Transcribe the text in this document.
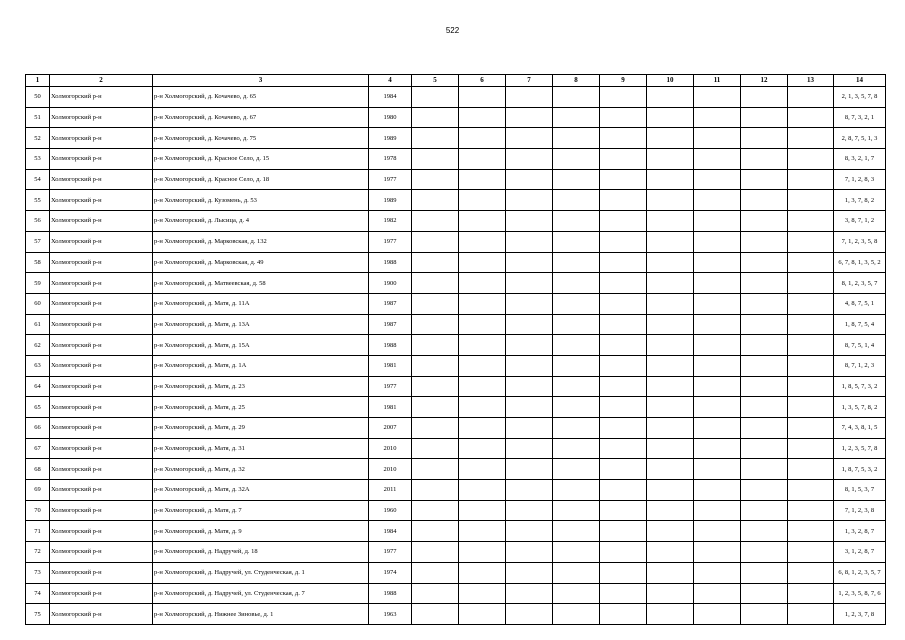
522
1	2	3	4	5	6	7	8	9	10	11	12	13	14
50	Холмогорский р-н	р-н Холмогорский, д. Кочачево, д. 65	1984										2, 1, 3, 5, 7, 8
51	Холмогорский р-н	р-н Холмогорский, д. Кочачево, д. 67	1980										8, 7, 3, 2, 1
52	Холмогорский р-н	р-н Холмогорский, д. Кочачево, д. 75	1989										2, 8, 7, 5, 1, 3
53	Холмогорский р-н	р-н Холмогорский, д. Красное Село, д. 15	1978										8, 3, 2, 1, 7
54	Холмогорский р-н	р-н Холмогорский, д. Красное Село, д. 18	1977										7, 1, 2, 8, 3
55	Холмогорский р-н	р-н Холмогорский, д. Кузомень, д. 53	1989										1, 3, 7, 8, 2
56	Холмогорский р-н	р-н Холмогорский, д. Лысица, д. 4	1982										3, 8, 7, 1, 2
57	Холмогорский р-н	р-н Холмогорский, д. Марковская, д. 132	1977										7, 1, 2, 3, 5, 8
58	Холмогорский р-н	р-н Холмогорский, д. Марковская, д. 49	1988										6, 7, 8, 1, 3, 5, 2
59	Холмогорский р-н	р-н Холмогорский, д. Матвеевская, д. 58	1900										8, 1, 2, 3, 5, 7
60	Холмогорский р-н	р-н Холмогорский, д. Матя, д. 11А	1987										4, 8, 7, 5, 1
61	Холмогорский р-н	р-н Холмогорский, д. Матя, д. 13А	1987										1, 8, 7, 5, 4
62	Холмогорский р-н	р-н Холмогорский, д. Матя, д. 15А	1988										8, 7, 5, 1, 4
63	Холмогорский р-н	р-н Холмогорский, д. Матя, д. 1А	1981										8, 7, 1, 2, 3
64	Холмогорский р-н	р-н Холмогорский, д. Матя, д. 23	1977										1, 8, 5, 7, 3, 2
65	Холмогорский р-н	р-н Холмогорский, д. Матя, д. 25	1981										1, 3, 5, 7, 8, 2
66	Холмогорский р-н	р-н Холмогорский, д. Матя, д. 29	2007										7, 4, 3, 8, 1, 5
67	Холмогорский р-н	р-н Холмогорский, д. Матя, д. 31	2010										1, 2, 3, 5, 7, 8
68	Холмогорский р-н	р-н Холмогорский, д. Матя, д. 32	2010										1, 8, 7, 5, 3, 2
69	Холмогорский р-н	р-н Холмогорский, д. Матя, д. 32А	2011										8, 1, 5, 3, 7
70	Холмогорский р-н	р-н Холмогорский, д. Матя, д. 7	1960										7, 1, 2, 3, 8
71	Холмогорский р-н	р-н Холмогорский, д. Матя, д. 9	1984										1, 3, 2, 8, 7
72	Холмогорский р-н	р-н Холмогорский, д. Надручей, д. 18	1977										3, 1, 2, 8, 7
73	Холмогорский р-н	р-н Холмогорский, д. Надручей, ул. Студенческая, д. 1	1974										6, 8, 1, 2, 3, 5, 7
74	Холмогорский р-н	р-н Холмогорский, д. Надручей, ул. Студенческая, д. 7	1988										1, 2, 3, 5, 8, 7, 6
75	Холмогорский р-н	р-н Холмогорский, д. Нижнее Зиновье, д. 1	1963										1, 2, 3, 7, 8
